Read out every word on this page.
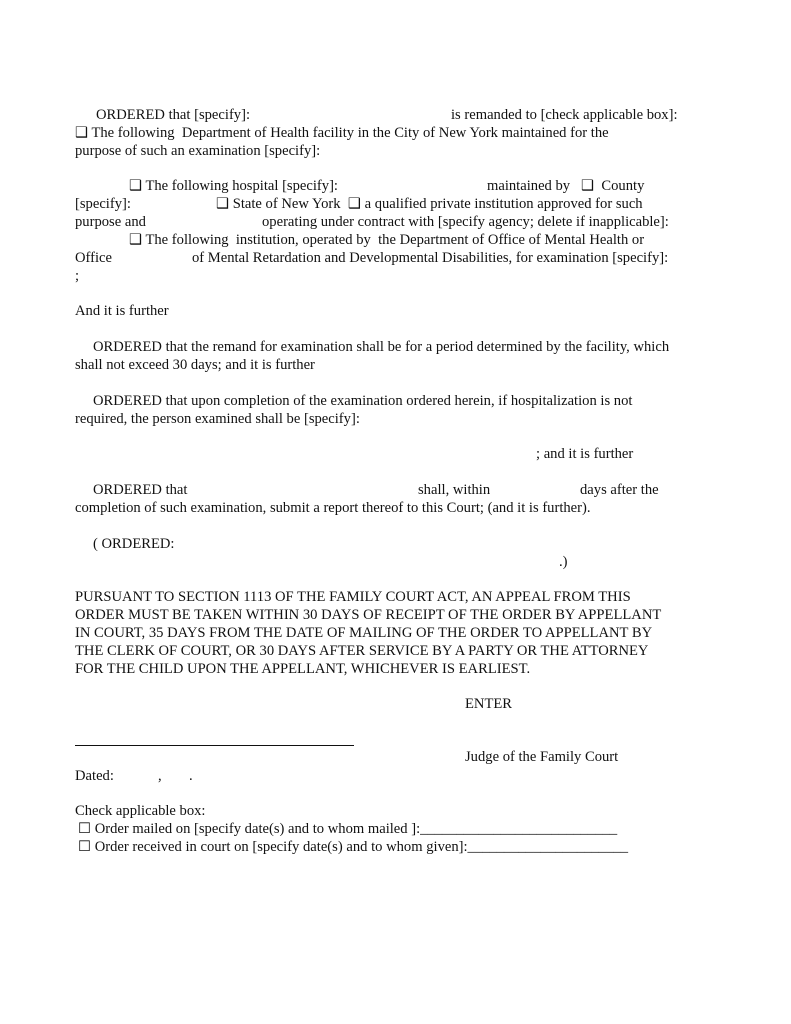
ORDERED that [specify]:	is remanded to [check applicable box]:
❑ The following  Department of Health facility in the City of New York maintained for the
purpose of such an examination [specify]:
❑ The following hospital [specify]:	maintained by   ❑  County
[specify]:	❑ State of New York  ❑ a qualified private institution approved for such
purpose and	operating under contract with [specify agency; delete if inapplicable]:
❑ The following  institution, operated by  the Department of Office of Mental Health or
Office	of Mental Retardation and Developmental Disabilities, for examination [specify]:
;
And it is further
ORDERED that the remand for examination shall be for a period determined by the facility, which
shall not exceed 30 days; and it is further
ORDERED that upon completion of the examination ordered herein, if hospitalization is not
required, the person examined shall be [specify]:
; and it is further
ORDERED that	shall, within	days after the
completion of such examination, submit a report thereof to this Court; (and it is further).
( ORDERED:
.)
PURSUANT TO SECTION 1113 OF THE FAMILY COURT ACT, AN APPEAL FROM THIS
ORDER MUST BE TAKEN WITHIN 30 DAYS OF RECEIPT OF THE ORDER BY APPELLANT
IN COURT, 35 DAYS FROM THE DATE OF MAILING OF THE ORDER TO APPELLANT BY
THE CLERK OF COURT, OR 30 DAYS AFTER SERVICE BY A PARTY OR THE ATTORNEY
FOR THE CHILD UPON THE APPELLANT, WHICHEVER IS EARLIEST.
ENTER
Judge of the Family Court
Dated:	, .
Check applicable box:
☐ Order mailed on [specify date(s) and to whom mailed ]:___________________________
☐ Order received in court on [specify date(s) and to whom given]:______________________
